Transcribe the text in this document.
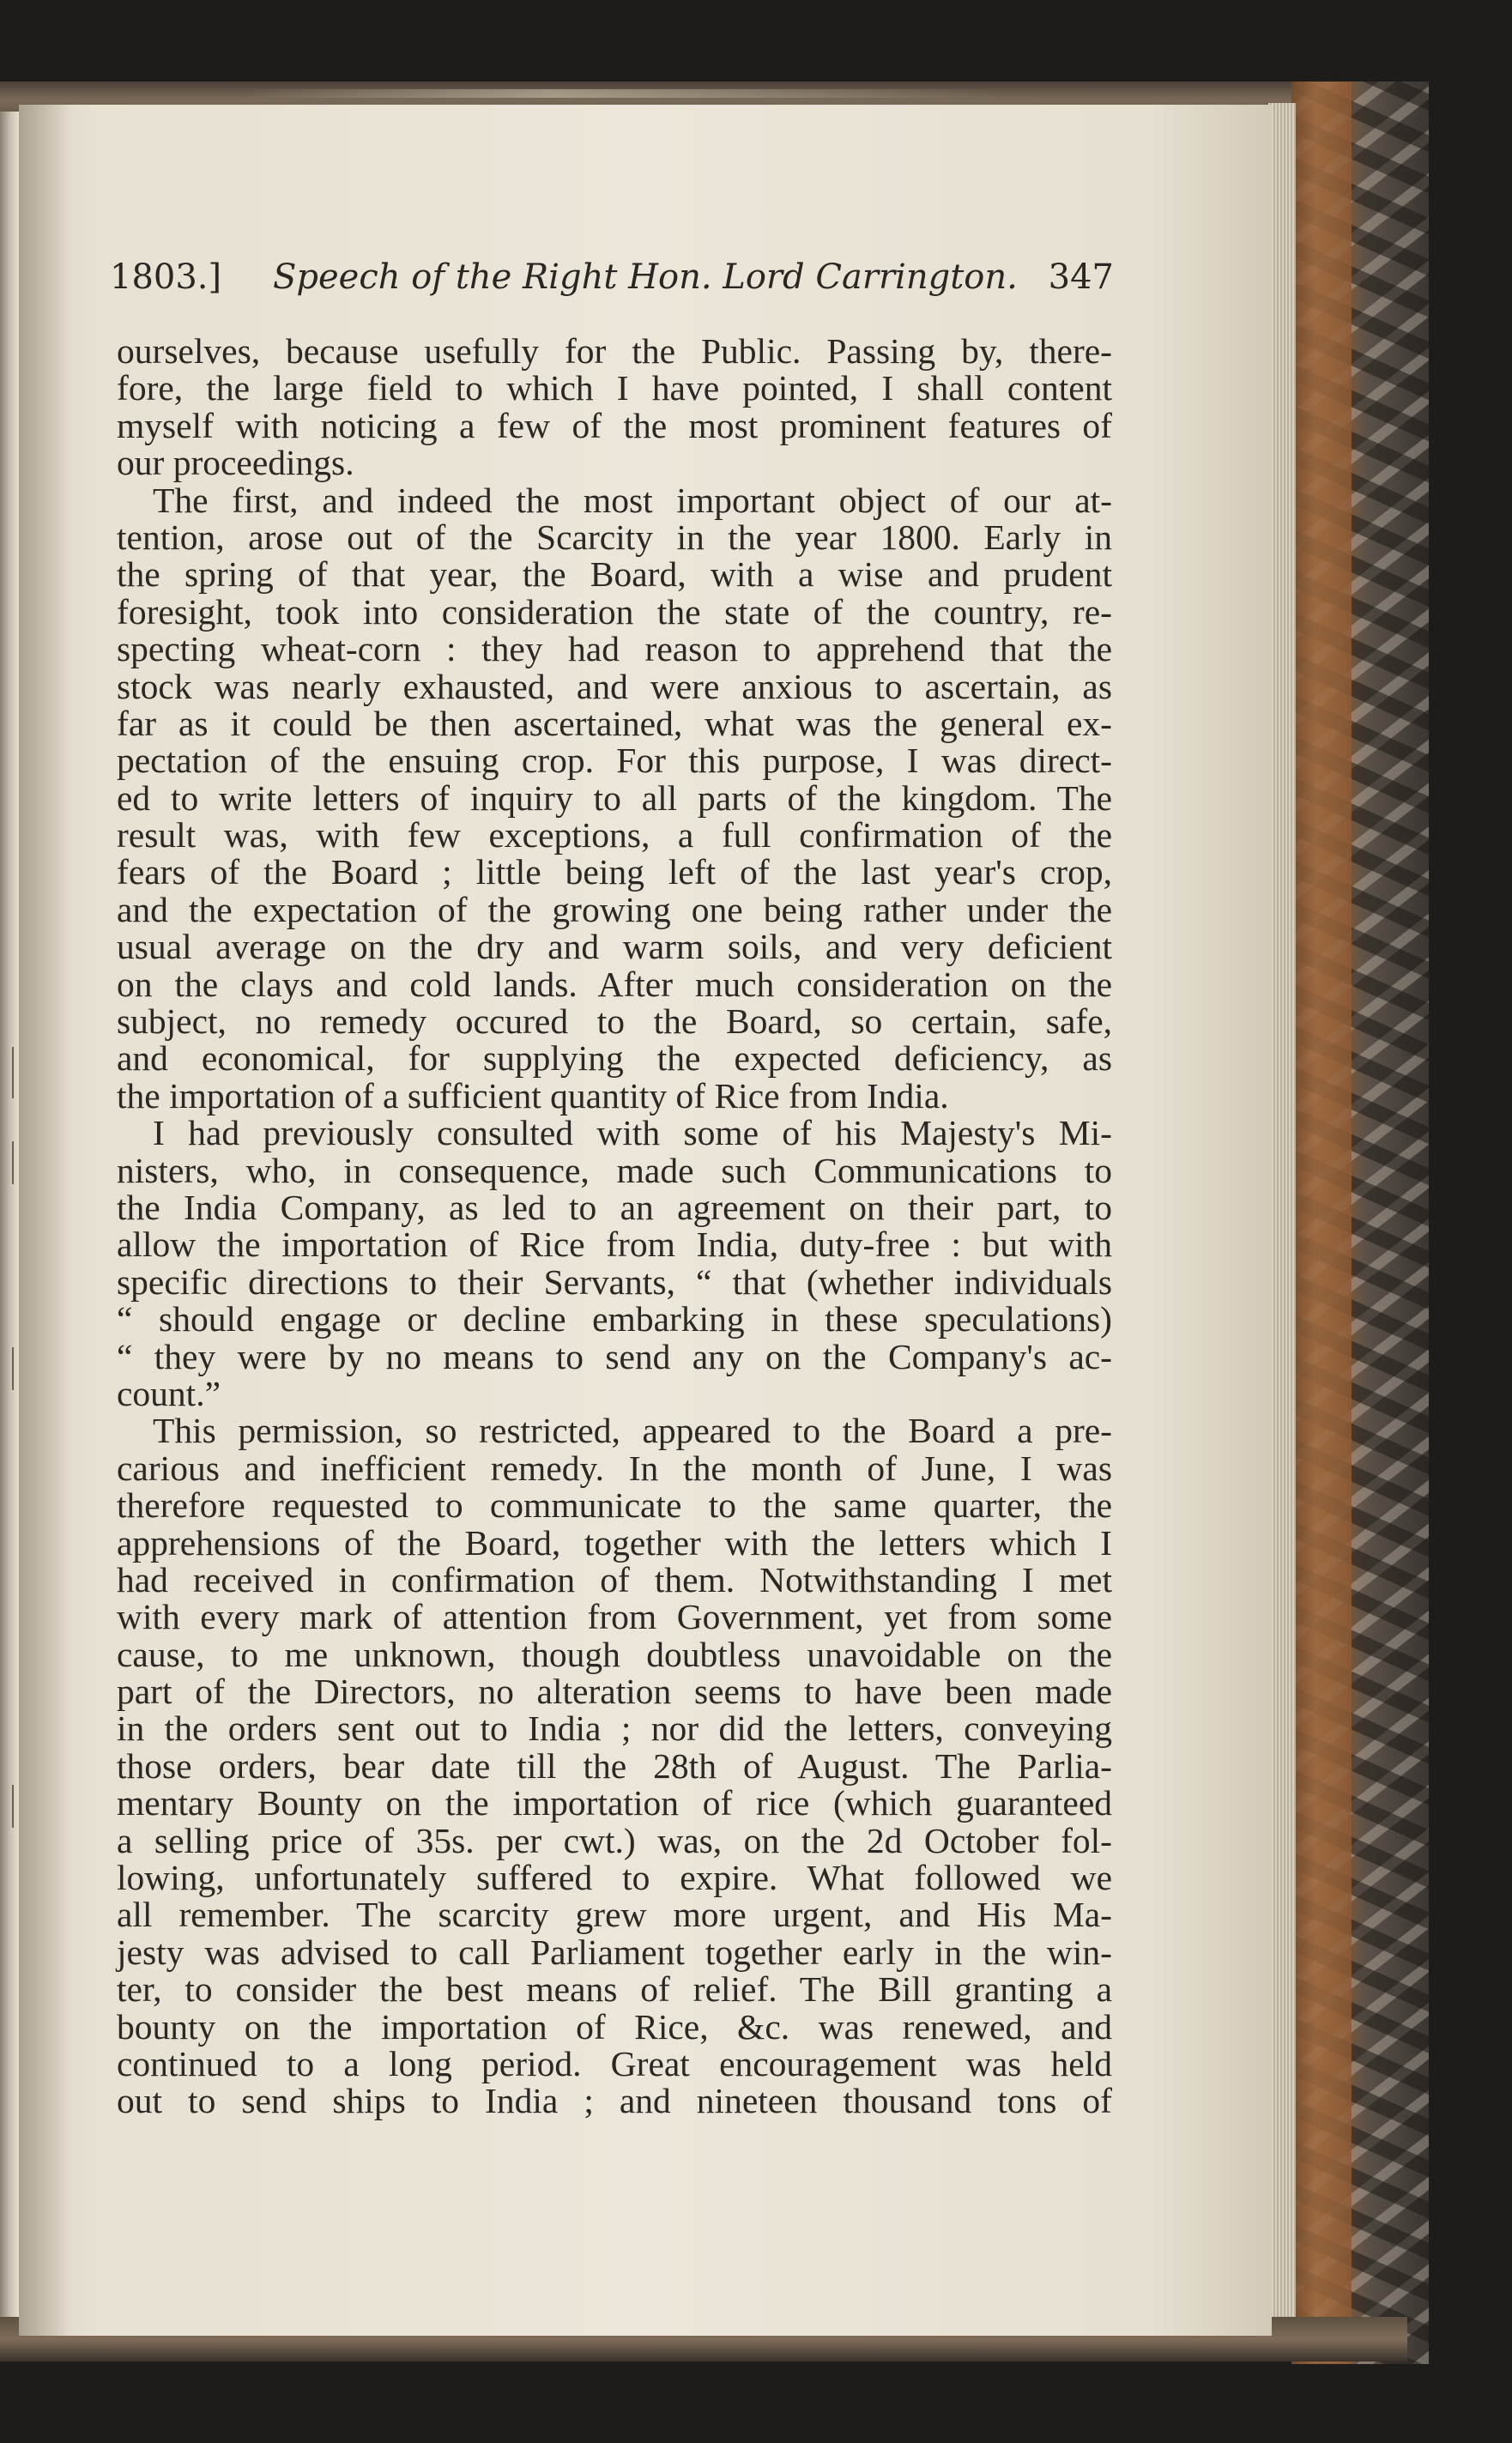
1803.] Speech of the Right Hon. Lord Carrington. 347
ourselves, because usefully for the Public. Passing by, there-
fore, the large field to which I have pointed, I shall content
myself with noticing a few of the most prominent features of
our proceedings.
The first, and indeed the most important object of our at-
tention, arose out of the Scarcity in the year 1800. Early in
the spring of that year, the Board, with a wise and prudent
foresight, took into consideration the state of the country, re-
specting wheat-corn : they had reason to apprehend that the
stock was nearly exhausted, and were anxious to ascertain, as
far as it could be then ascertained, what was the general ex-
pectation of the ensuing crop. For this purpose, I was direct-
ed to write letters of inquiry to all parts of the kingdom. The
result was, with few exceptions, a full confirmation of the
fears of the Board ; little being left of the last year's crop,
and the expectation of the growing one being rather under the
usual average on the dry and warm soils, and very deficient
on the clays and cold lands. After much consideration on the
subject, no remedy occured to the Board, so certain, safe,
and economical, for supplying the expected deficiency, as
the importation of a sufficient quantity of Rice from India.
I had previously consulted with some of his Majesty's Mi-
nisters, who, in consequence, made such Communications to
the India Company, as led to an agreement on their part, to
allow the importation of Rice from India, duty-free : but with
specific directions to their Servants, “ that (whether individuals
“ should engage or decline embarking in these speculations)
“ they were by no means to send any on the Company's ac-
count.”
This permission, so restricted, appeared to the Board a pre-
carious and inefficient remedy. In the month of June, I was
therefore requested to communicate to the same quarter, the
apprehensions of the Board, together with the letters which I
had received in confirmation of them. Notwithstanding I met
with every mark of attention from Government, yet from some
cause, to me unknown, though doubtless unavoidable on the
part of the Directors, no alteration seems to have been made
in the orders sent out to India ; nor did the letters, conveying
those orders, bear date till the 28th of August. The Parlia-
mentary Bounty on the importation of rice (which guaranteed
a selling price of 35s. per cwt.) was, on the 2d October fol-
lowing, unfortunately suffered to expire. What followed we
all remember. The scarcity grew more urgent, and His Ma-
jesty was advised to call Parliament together early in the win-
ter, to consider the best means of relief. The Bill granting a
bounty on the importation of Rice, &c. was renewed, and
continued to a long period. Great encouragement was held
out to send ships to India ; and nineteen thousand tons of
